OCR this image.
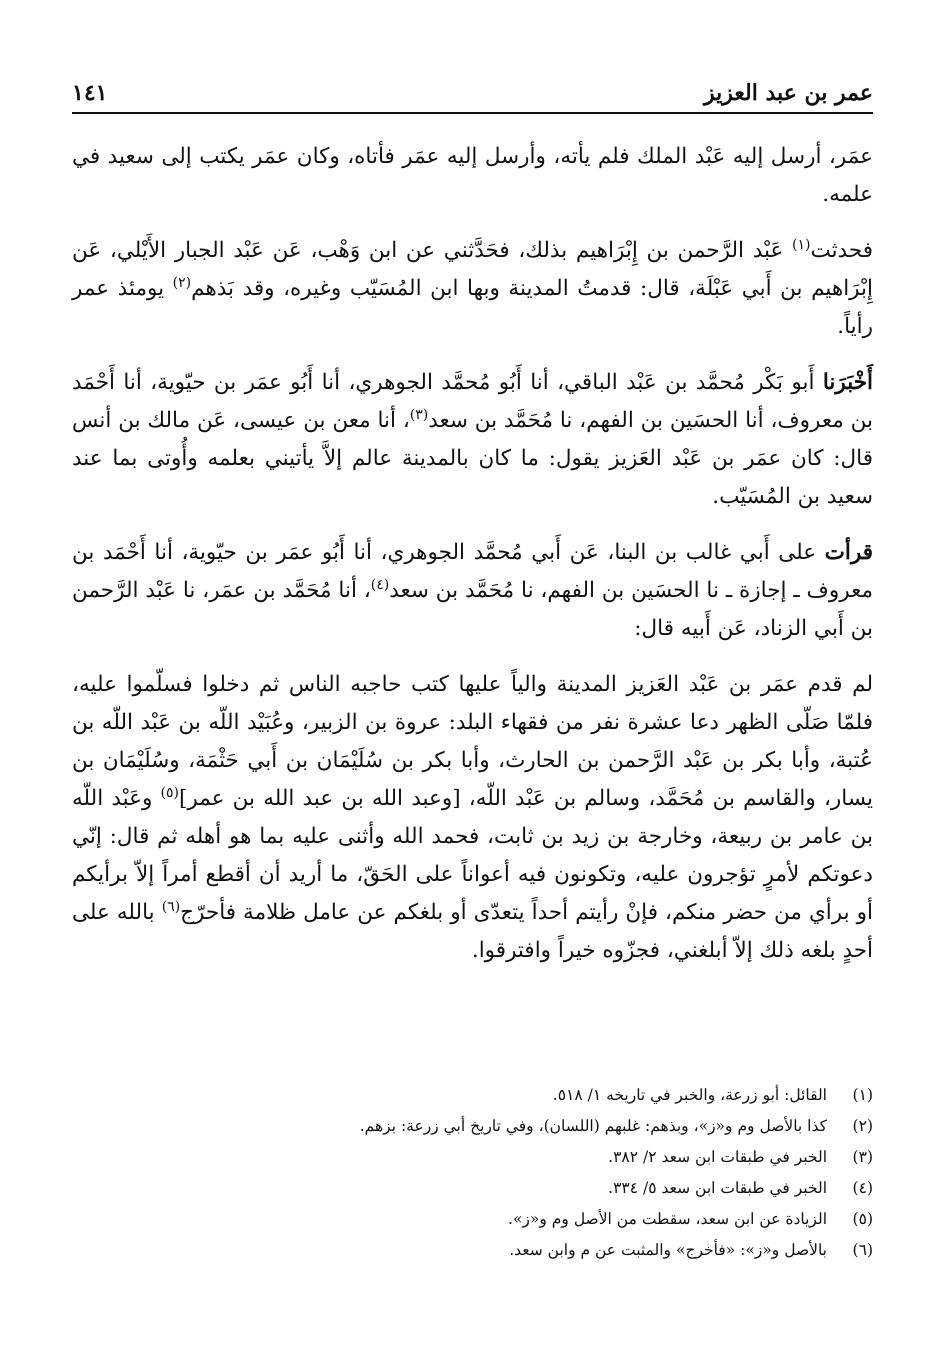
عمر بن عبد العزيز
١٤١

عمَر، أرسل إليه عَبْد الملك فلم يأته، وأرسل إليه عمَر فأتاه، وكان عمَر يكتب إلى سعيد في علمه.

فحدثت$^{(١)}$ عَبْد الرَّحمن بن إِبْرَاهيم بذلك، فحَدَّثني عن ابن وَهْب، عَن عَبْد الجبار الأَيْلي، عَن إِبْرَاهيم بن أَبي عَبْلَة، قال: قدمتُ المدينة وبها ابن المُسَيّب وغيره، وقد بَذهم$^{(٢)}$ يومئذ عمر رأياً.

أَخْبَرَنا أَبو بَكْر مُحمَّد بن عَبْد الباقي، أنا أَبُو مُحمَّد الجوهري، أنا أَبُو عمَر بن حيّوية، أنا أَحْمَد بن معروف، أنا الحسَين بن الفهم، نا مُحَمَّد بن سعد$^{(٣)}$، أنا معن بن عيسى، عَن مالك بن أنس قال: كان عمَر بن عَبْد العَزيز يقول: ما كان بالمدينة عالم إلاَّ يأتيني بعلمه وأُوتى بما عند سعيد بن المُسَيّب.

قرأت على أَبي غالب بن البنا، عَن أَبي مُحمَّد الجوهري، أنا أَبُو عمَر بن حيّوية، أنا أَحْمَد بن معروف ـ إجازة ـ نا الحسَين بن الفهم، نا مُحَمَّد بن سعد$^{(٤)}$، أنا مُحَمَّد بن عمَر، نا عَبْد الرَّحمن بن أَبي الزناد، عَن أَبيه قال:

لم قدم عمَر بن عَبْد العَزيز المدينة والياً عليها كتب حاجبه الناس ثم دخلوا فسلّموا عليه، فلمّا صَلّى الظهر دعا عشرة نفر من فقهاء البلد: عروة بن الزبير، وعُبَيْد اللّه بن عَبْد اللّه بن عُتبة، وأبا بكر بن عَبْد الرَّحمن بن الحارث، وأبا بكر بن سُلَيْمَان بن أَبي حَثْمَة، وسُلَيْمَان بن يسار، والقاسم بن مُحَمَّد، وسالم بن عَبْد اللّه، [وعبد الله بن عبد الله بن عمر]$^{(٥)}$ وعَبْد اللّه بن عامر بن ربيعة، وخارجة بن زيد بن ثابت، فحمد الله وأثنى عليه بما هو أهله ثم قال: إنّي دعوتكم لأمرٍ تؤجرون عليه، وتكونون فيه أعواناً على الحَقّ، ما أريد أن أقطع أمراً إلاّ برأيكم أو برأي من حضر منكم، فإنْ رأيتم أحداً يتعدّى أو بلغكم عن عامل ظلامة فأحرّج$^{(٦)}$ بالله على أحدٍ بلغه ذلك إلاّ أبلغني، فجزّوه خيراً وافترقوا.

(١)
القائل: أبو زرعة، والخبر في تاريخه ١/ ٥١٨.
(٢)
كذا بالأصل وم و«ز»، وبذهم: غلبهم (اللسان)، وفي تاريخ أبي زرعة: بزهم.
(٣)
الخبر في طبقات ابن سعد ٢/ ٣٨٢.
(٤)
الخبر في طبقات ابن سعد ٥/ ٣٣٤.
(٥)
الزيادة عن ابن سعد، سقطت من الأصل وم و«ز».
(٦)
بالأصل و«ز»: «فأخرج» والمثبت عن م وابن سعد.
